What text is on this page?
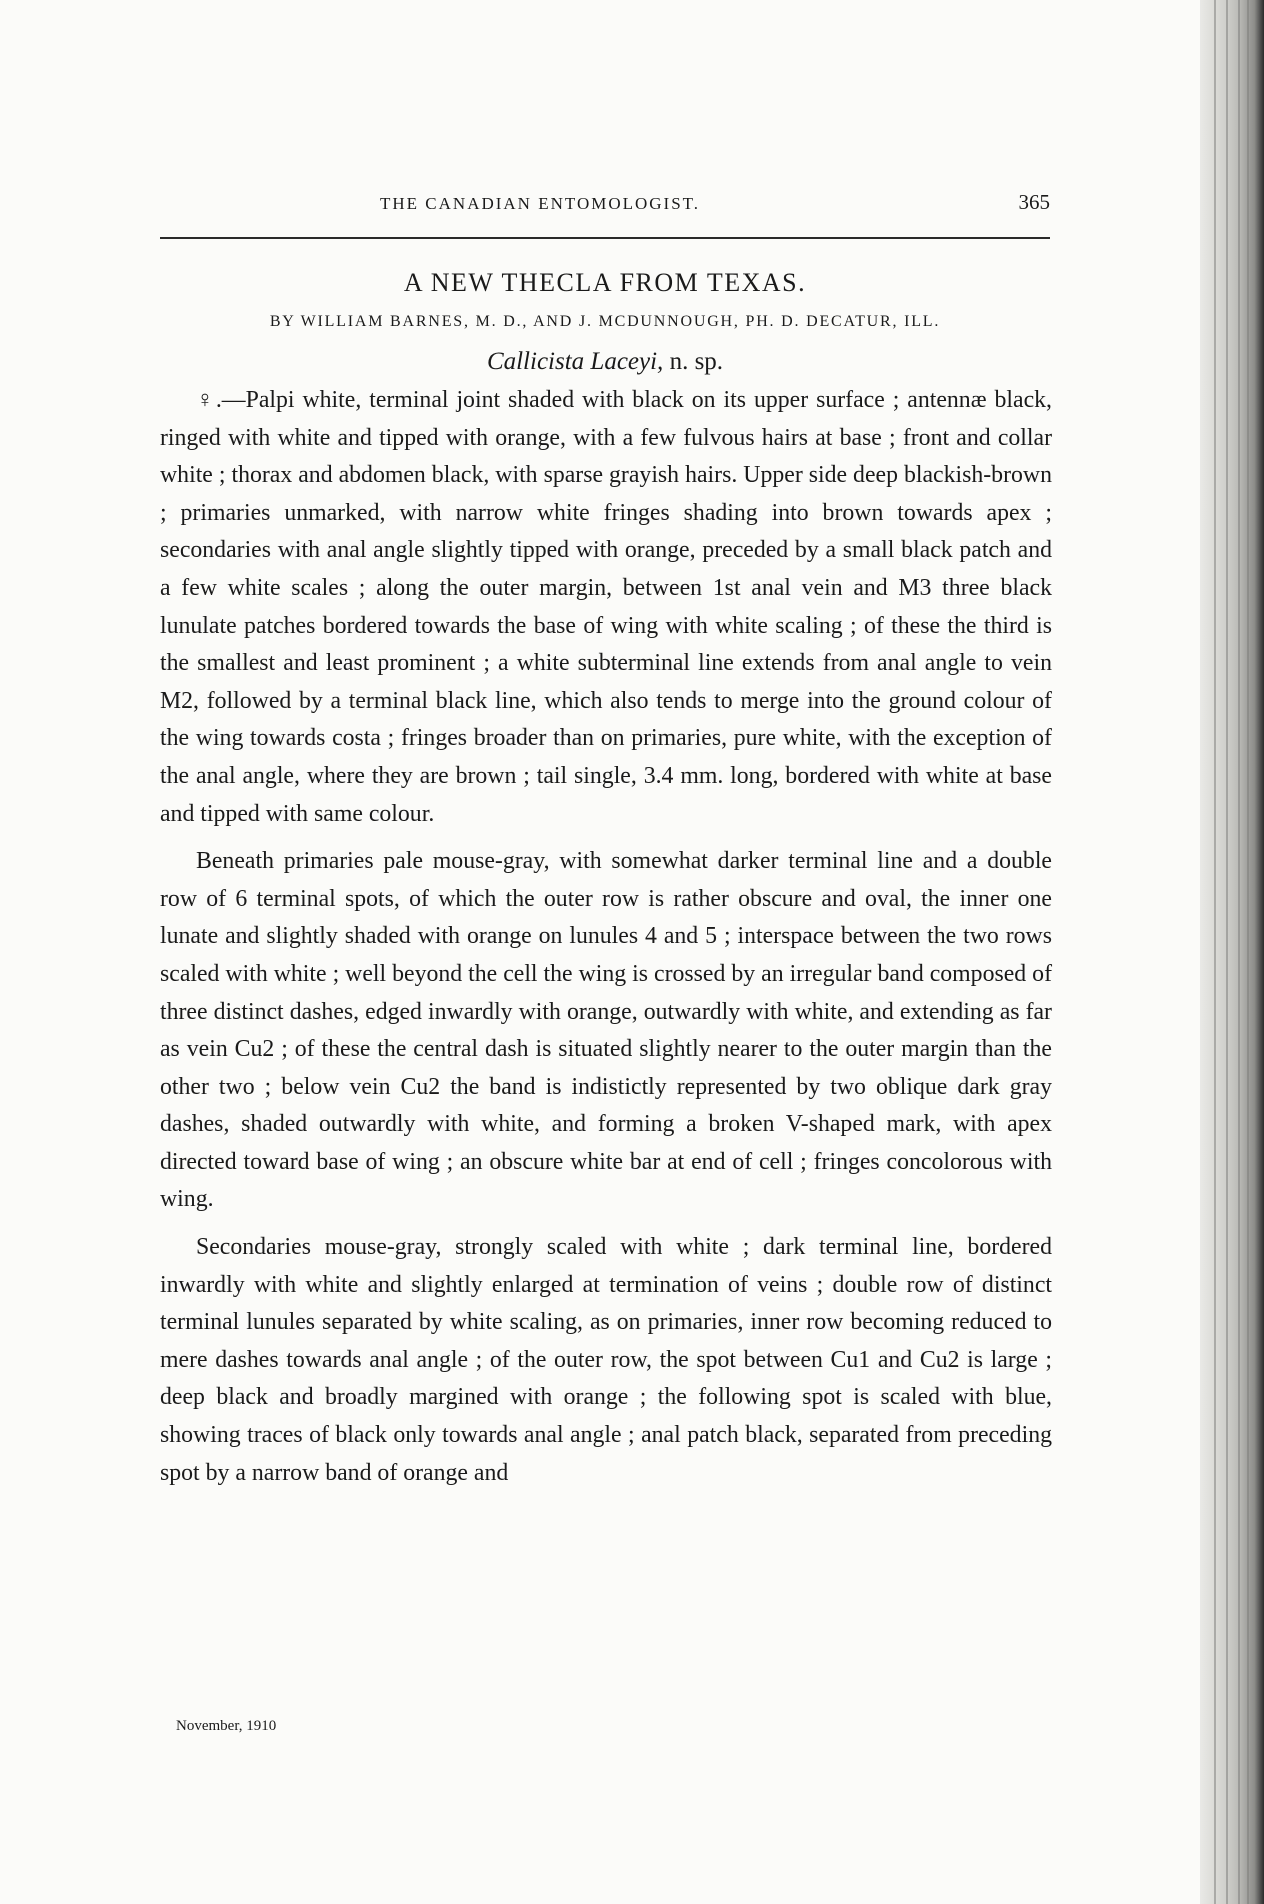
THE CANADIAN ENTOMOLOGIST.	365
A NEW THECLA FROM TEXAS.
BY WILLIAM BARNES, M. D., AND J. MCDUNNOUGH, PH. D. DECATUR, ILL.
Callicista Laceyi, n. sp.

♀.—Palpi white, terminal joint shaded with black on its upper surface ; antennæ black, ringed with white and tipped with orange, with a few fulvous hairs at base ; front and collar white ; thorax and abdomen black, with sparse grayish hairs. Upper side deep blackish-brown ; primaries unmarked, with narrow white fringes shading into brown towards apex ; secondaries with anal angle slightly tipped with orange, preceded by a small black patch and a few white scales ; along the outer margin, between 1st anal vein and M3 three black lunulate patches bordered towards the base of wing with white scaling ; of these the third is the smallest and least prominent ; a white subterminal line extends from anal angle to vein M2, followed by a terminal black line, which also tends to merge into the ground colour of the wing towards costa ; fringes broader than on primaries, pure white, with the exception of the anal angle, where they are brown ; tail single, 3.4 mm. long, bordered with white at base and tipped with same colour.

Beneath primaries pale mouse-gray, with somewhat darker terminal line and a double row of 6 terminal spots, of which the outer row is rather obscure and oval, the inner one lunate and slightly shaded with orange on lunules 4 and 5 ; interspace between the two rows scaled with white ; well beyond the cell the wing is crossed by an irregular band composed of three distinct dashes, edged inwardly with orange, outwardly with white, and extending as far as vein Cu2 ; of these the central dash is situated slightly nearer to the outer margin than the other two ; below vein Cu2 the band is indistictly represented by two oblique dark gray dashes, shaded outwardly with white, and forming a broken V-shaped mark, with apex directed toward base of wing ; an obscure white bar at end of cell ; fringes concolorous with wing.

Secondaries mouse-gray, strongly scaled with white ; dark terminal line, bordered inwardly with white and slightly enlarged at termination of veins ; double row of distinct terminal lunules separated by white scaling, as on primaries, inner row becoming reduced to mere dashes towards anal angle ; of the outer row, the spot between Cu1 and Cu2 is large ; deep black and broadly margined with orange ; the following spot is scaled with blue, showing traces of black only towards anal angle ; anal patch black, separated from preceding spot by a narrow band of orange and

November, 1910
